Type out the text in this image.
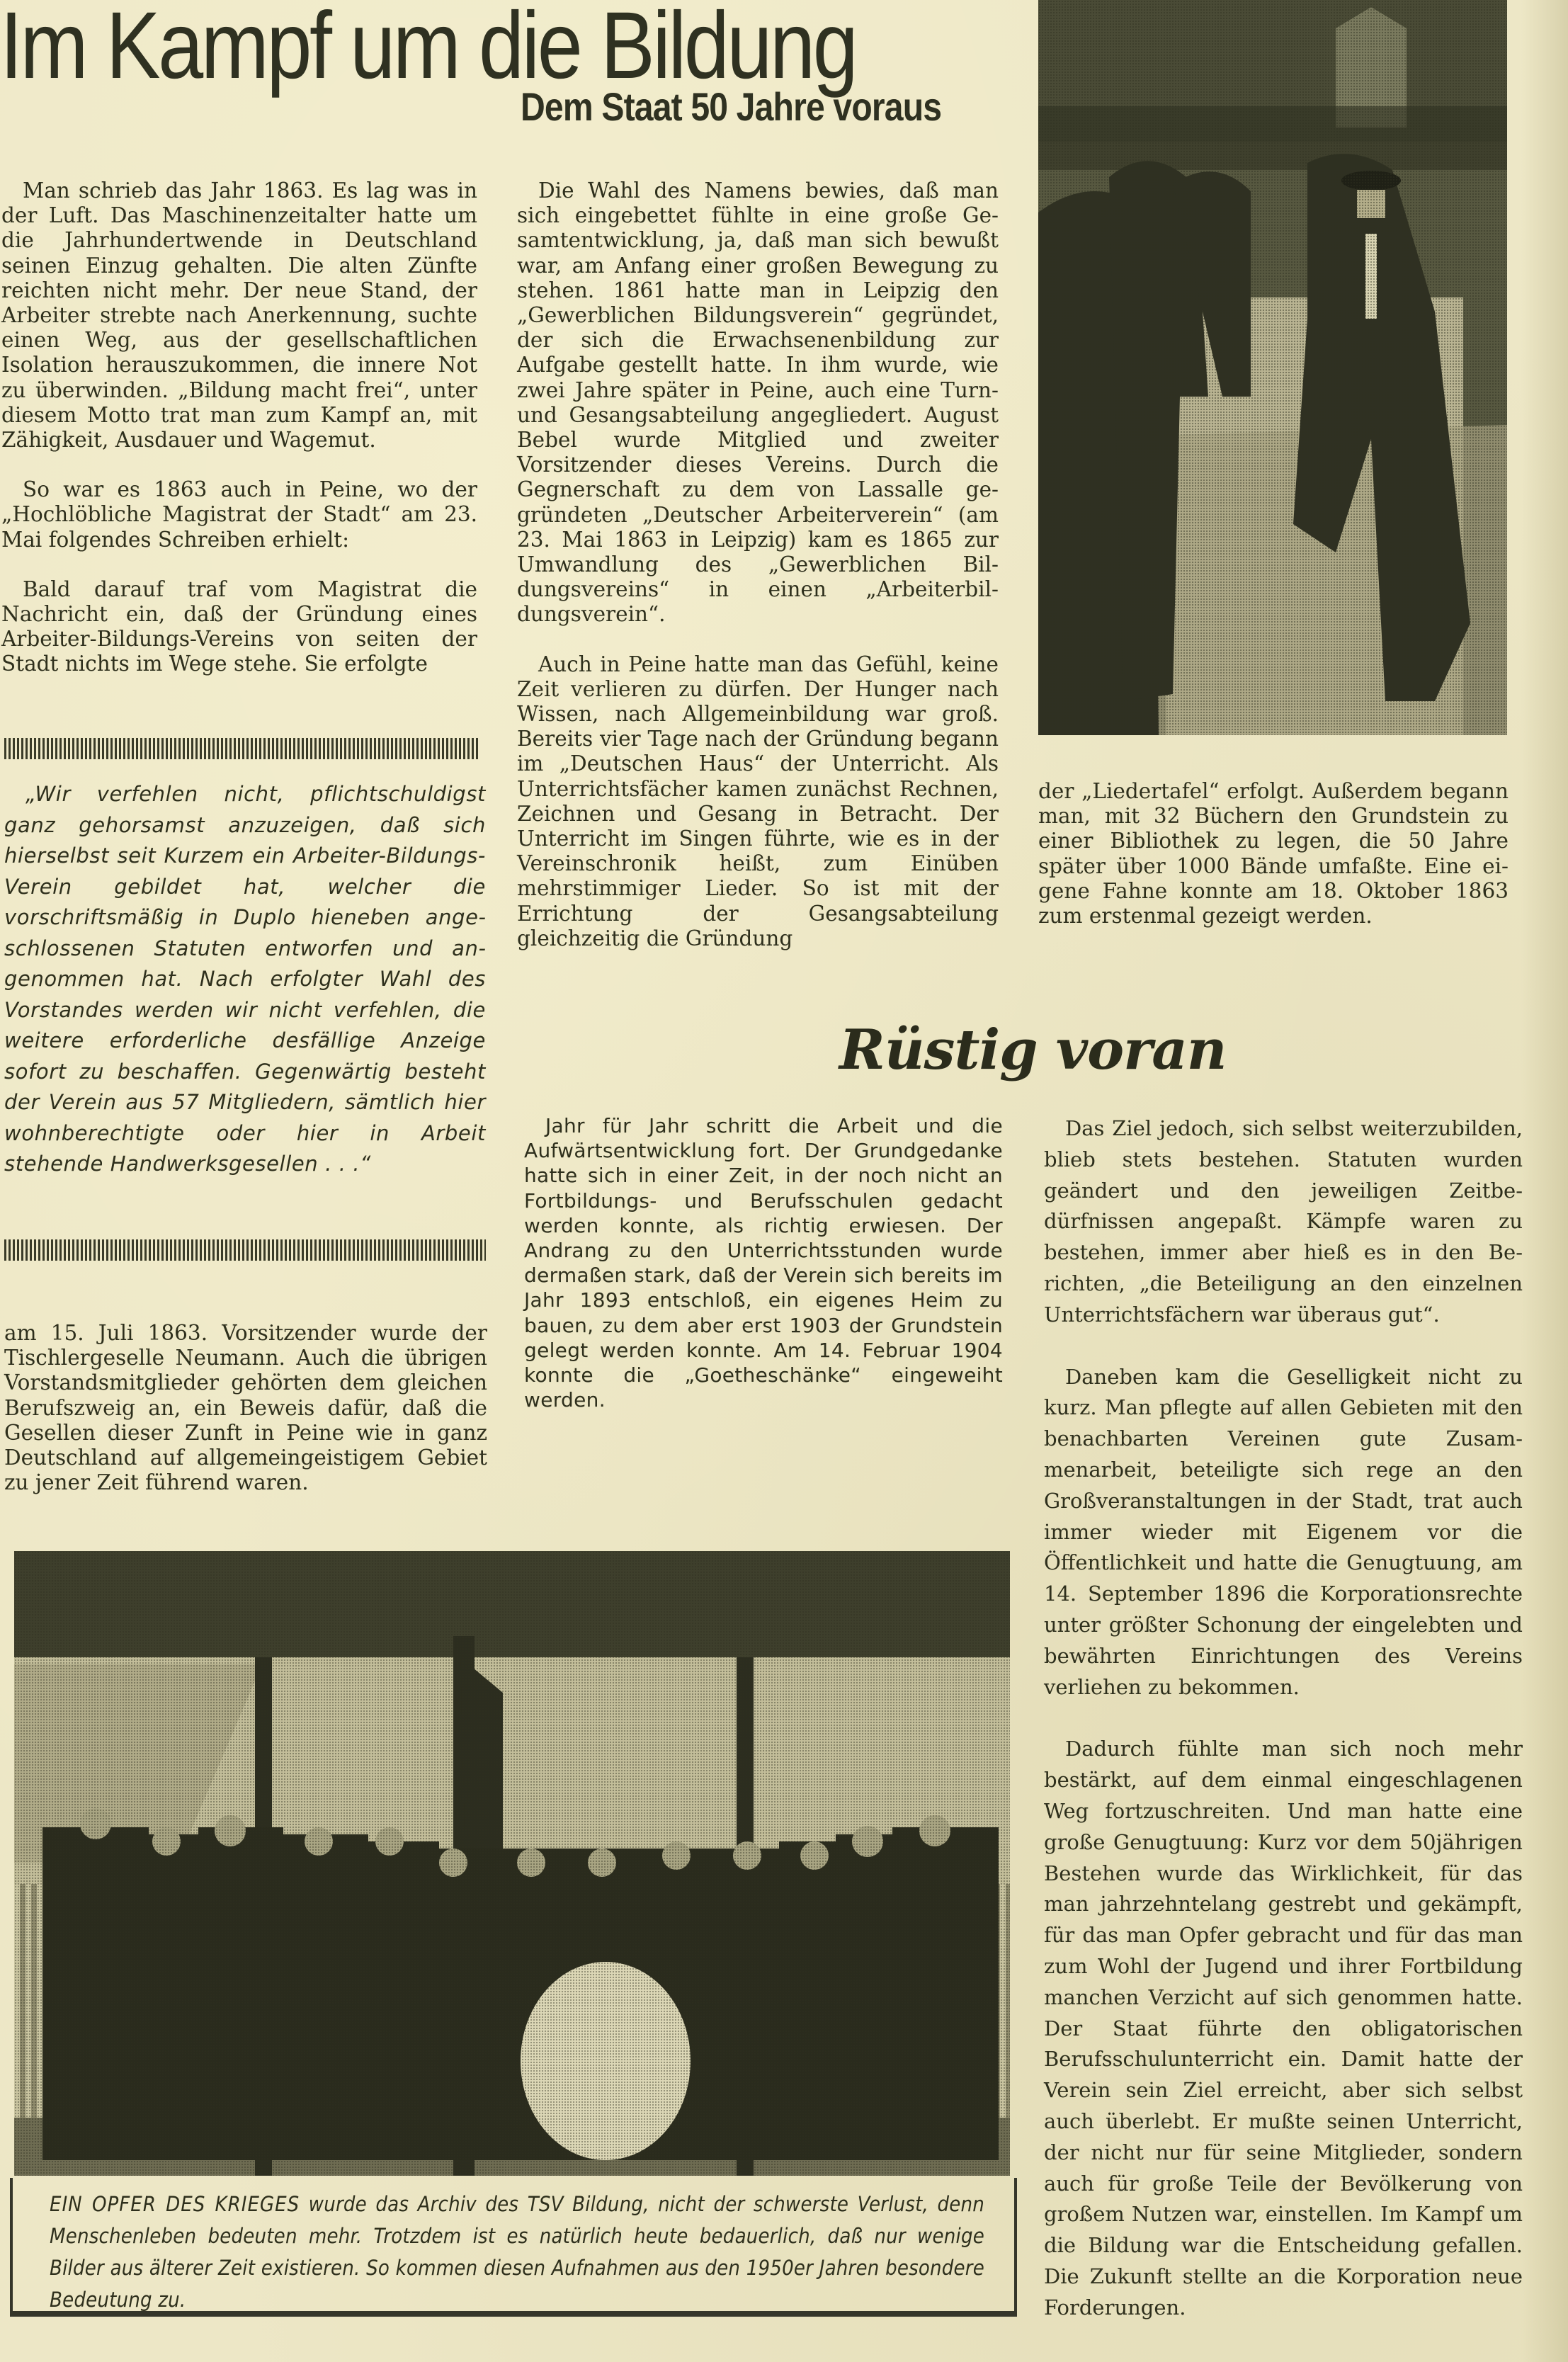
Im Kampf um die Bildung
Dem Staat 50 Jahre voraus

Man schrieb das Jahr 1863. Es lag was in der Luft. Das Maschinenzeitalter hatte um die Jahrhundertwende in Deutschland seinen Einzug gehalten. Die alten Zünfte reichten nicht mehr. Der neue Stand, der Arbeiter strebte nach Anerkennung, suchte einen Weg, aus der gesellschaftlichen Isolation herauszukommen, die innere Not zu überwinden. „Bildung macht frei“, unter diesem Motto trat man zum Kampf an, mit Zähigkeit, Ausdauer und Wagemut.

So war es 1863 auch in Peine, wo der „Hochlöbliche Magistrat der Stadt“ am 23. Mai folgendes Schreiben erhielt:

Bald darauf traf vom Magistrat die Nachricht ein, daß der Gründung eines Arbeiter-Bildungs-Vereins von seiten der Stadt nichts im Wege stehe. Sie erfolgte

„Wir verfehlen nicht, pflichtschuldigst ganz gehorsamst anzuzeigen, daß sich hierselbst seit Kurzem ein Arbeiter-Bildungs-Verein gebildet hat, welcher die vorschriftsmäßig in Duplo hieneben angeschlossenen Statuten entworfen und angenommen hat. Nach erfolgter Wahl des Vorstandes werden wir nicht verfehlen, die weitere erforderliche desfällige Anzeige sofort zu beschaffen. Gegenwärtig besteht der Verein aus 57 Mitgliedern, sämtlich hier wohnberechtigte oder hier in Arbeit stehende Handwerksgesellen . . .“

am 15. Juli 1863. Vorsitzender wurde der Tischlergeselle Neumann. Auch die übrigen Vorstandsmitglieder gehörten dem gleichen Berufszweig an, ein Beweis dafür, daß die Gesellen dieser Zunft in Peine wie in ganz Deutschland auf allgemeingeistigem Gebiet zu jener Zeit führend waren.

Die Wahl des Namens bewies, daß man sich eingebettet fühlte in eine große Gesamtentwicklung, ja, daß man sich bewußt war, am Anfang einer großen Bewegung zu stehen. 1861 hatte man in Leipzig den „Gewerblichen Bildungsverein“ gegründet, der sich die Erwachsenenbildung zur Aufgabe gestellt hatte. In ihm wurde, wie zwei Jahre später in Peine, auch eine Turn- und Gesangsabteilung angegliedert. August Bebel wurde Mitglied und zweiter Vorsitzender dieses Vereins. Durch die Gegnerschaft zu dem von Lassalle gegründeten „Deutscher Arbeiterverein“ (am 23. Mai 1863 in Leipzig) kam es 1865 zur Umwandlung des „Gewerblichen Bildungsvereins“ in einen „Arbeiterbildungsverein“.

Auch in Peine hatte man das Gefühl, keine Zeit verlieren zu dürfen. Der Hunger nach Wissen, nach Allgemeinbildung war groß. Bereits vier Tage nach der Gründung begann im „Deutschen Haus“ der Unterricht. Als Unterrichtsfächer kamen zunächst Rechnen, Zeichnen und Gesang in Betracht. Der Unterricht im Singen führte, wie es in der Vereinschronik heißt, zum Einüben mehrstimmiger Lieder. So ist mit der Errichtung der Gesangsabteilung gleichzeitig die Gründung

der „Liedertafel“ erfolgt. Außerdem begann man, mit 32 Büchern den Grundstein zu einer Bibliothek zu legen, die 50 Jahre später über 1000 Bände umfaßte. Eine eigene Fahne konnte am 18. Oktober 1863 zum erstenmal gezeigt werden.

Rüstig voran

Jahr für Jahr schritt die Arbeit und die Aufwärtsentwicklung fort. Der Grundgedanke hatte sich in einer Zeit, in der noch nicht an Fortbildungs- und Berufsschulen gedacht werden konnte, als richtig erwiesen. Der Andrang zu den Unterrichtsstunden wurde dermaßen stark, daß der Verein sich bereits im Jahr 1893 entschloß, ein eigenes Heim zu bauen, zu dem aber erst 1903 der Grundstein gelegt werden konnte. Am 14. Februar 1904 konnte die „Goetheschänke“ eingeweiht werden.

Das Ziel jedoch, sich selbst weiterzubilden, blieb stets bestehen. Statuten wurden geändert und den jeweiligen Zeitbedürfnissen angepaßt. Kämpfe waren zu bestehen, immer aber hieß es in den Berichten, „die Beteiligung an den einzelnen Unterrichtsfächern war überaus gut“.

Daneben kam die Geselligkeit nicht zu kurz. Man pflegte auf allen Gebieten mit den benachbarten Vereinen gute Zusammenarbeit, beteiligte sich rege an den Großveranstaltungen in der Stadt, trat auch immer wieder mit Eigenem vor die Öffentlichkeit und hatte die Genugtuung, am 14. September 1896 die Korporationsrechte unter größter Schonung der eingelebten und bewährten Einrichtungen des Vereins verliehen zu bekommen.

Dadurch fühlte man sich noch mehr bestärkt, auf dem einmal eingeschlagenen Weg fortzuschreiten. Und man hatte eine große Genugtuung: Kurz vor dem 50jährigen Bestehen wurde das Wirklichkeit, für das man jahrzehntelang gestrebt und gekämpft, für das man Opfer gebracht und für das man zum Wohl der Jugend und ihrer Fortbildung manchen Verzicht auf sich genommen hatte. Der Staat führte den obligatorischen Berufsschulunterricht ein. Damit hatte der Verein sein Ziel erreicht, aber sich selbst auch überlebt. Er mußte seinen Unterricht, der nicht nur für seine Mitglieder, sondern auch für große Teile der Bevölkerung von großem Nutzen war, einstellen. Im Kampf um die Bildung war die Entscheidung gefallen. Die Zukunft stellte an die Korporation neue Forderungen.

EIN OPFER DES KRIEGES wurde das Archiv des TSV Bildung, nicht der schwerste Verlust, denn Menschenleben bedeuten mehr. Trotzdem ist es natürlich heute bedauerlich, daß nur wenige Bilder aus älterer Zeit existieren. So kommen diesen Aufnahmen aus den 1950er Jahren besondere Bedeutung zu.
